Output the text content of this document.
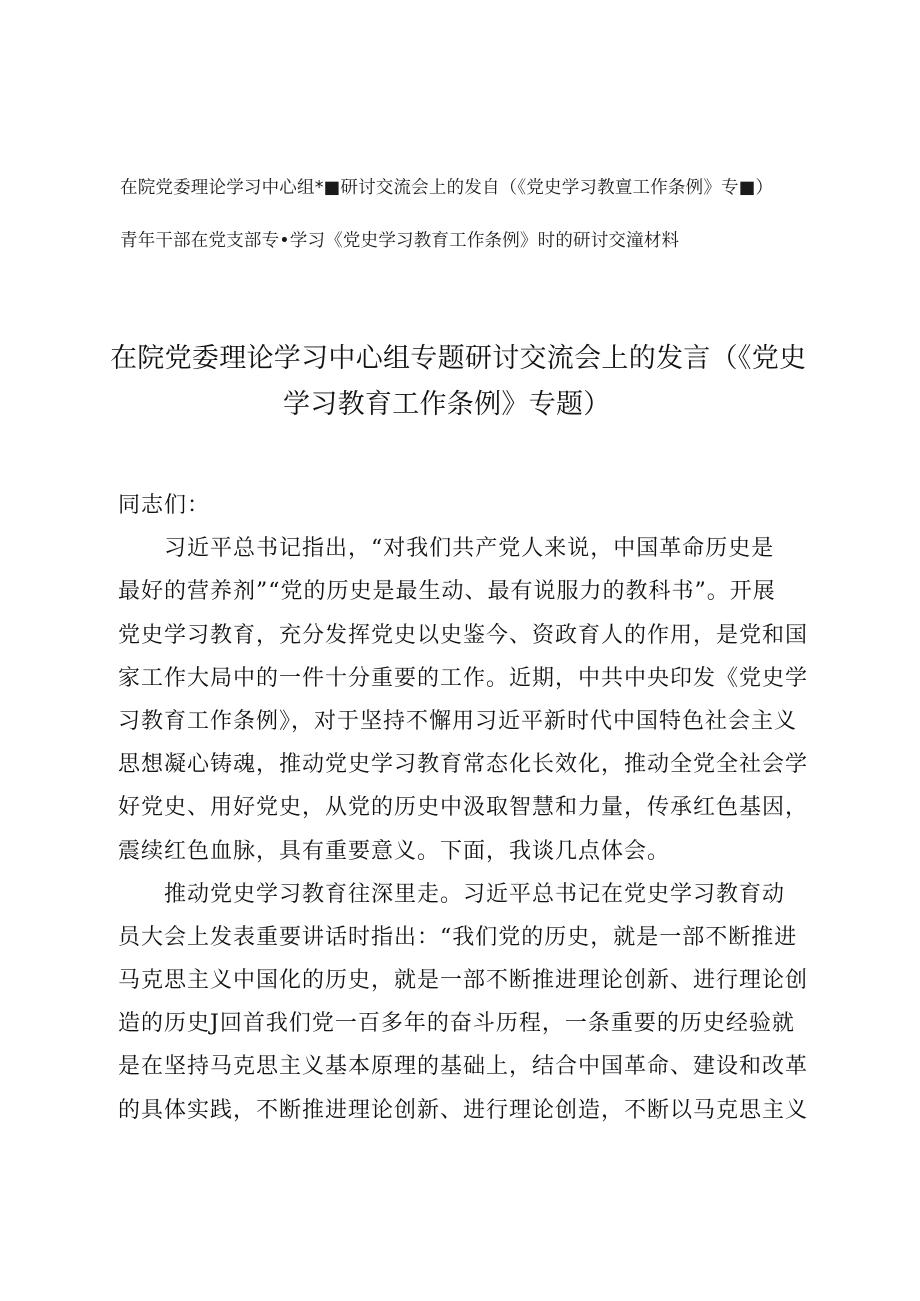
在院党委理论学习中心组*■研讨交流会上的发自（《党史学习教亶工作条例》专■）
青年干部在党支部专•学习《党史学习教育工作条例》时的研讨交潼材料
在院党委理论学习中心组专题研讨交流会上的发言（《党史
学习教育工作条例》专题）
同志们：
习近平总书记指出，“对我们共产党人来说，中国革命历史是
最好的营养剂”“党的历史是最生动、最有说服力的教科书”。开展
党史学习教育，充分发挥党史以史鉴今、资政育人的作用，是党和国
家工作大局中的一件十分重要的工作。近期，中共中央印发《党史学
习教育工作条例》，对于坚持不懈用习近平新时代中国特色社会主义
思想凝心铸魂，推动党史学习教育常态化长效化，推动全党全社会学
好党史、用好党史，从党的历史中汲取智慧和力量，传承红色基因，
震续红色血脉，具有重要意义。下面，我谈几点体会。
推动党史学习教育往深里走。习近平总书记在党史学习教育动
员大会上发表重要讲话时指出：“我们党的历史，就是一部不断推进
马克思主义中国化的历史，就是一部不断推进理论创新、进行理论创
造的历史J回首我们党一百多年的奋斗历程，一条重要的历史经验就
是在坚持马克思主义基本原理的基础上，结合中国革命、建设和改革
的具体实践，不断推进理论创新、进行理论创造，不断以马克思主义
